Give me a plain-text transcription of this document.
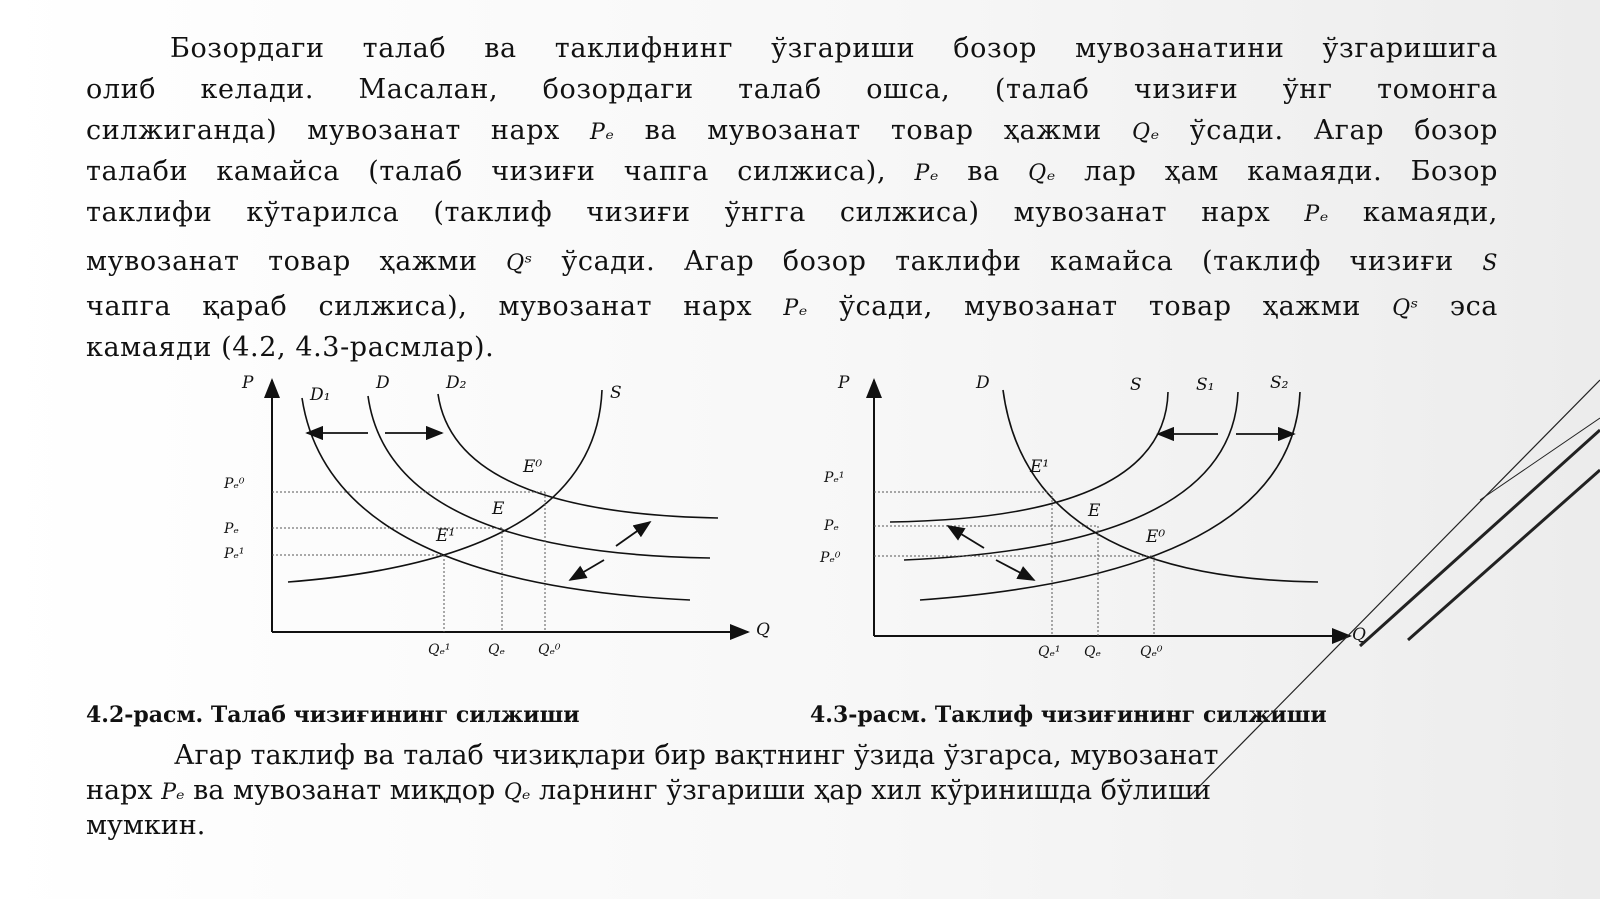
Бозордаги талаб ва таклифнинг ўзгариши бозор мувозанатини ўзгаришига
олиб келади. Масалан, бозордаги талаб ошса, (талаб чизиғи ўнг томонга
силжиганда) мувозанат нарх Pₑ ва мувозанат товар ҳажми Qₑ ўсади. Агар бозор
талаби камайса (талаб чизиғи чапга силжиса), Pₑ ва Qₑ лар ҳам камаяди. Бозор
таклифи кўтарилса (таклиф чизиғи ўнгга силжиса) мувозанат нарх Pₑ камаяди,
мувозанат товар ҳажми Qˢ ўсади. Агар бозор таклифи камайса (таклиф чизиғи S
чапга қараб силжиса), мувозанат нарх Pₑ ўсади, мувозанат товар ҳажми Qˢ эса
камаяди (4.2, 4.3-расмлар).
P
Q
D₁
D	D₂	S
E⁰
E
E¹
Pₑ⁰
Pₑ
Pₑ¹
Qₑ¹	Qₑ Qₑ⁰
P
Q
D	S	S₁	S₂
E¹
E
E⁰
Pₑ¹
Pₑ
Pₑ⁰
Qₑ¹ Qₑ	Qₑ⁰
4.2-расм. Талаб чизиғининг силжиши	4.3-расм. Таклиф чизиғининг силжиши
Агар таклиф ва талаб чизиқлари бир вақтнинг ўзида ўзгарса, мувозанат
нарх Pₑ ва мувозанат миқдор Qₑ ларнинг ўзгариши ҳар хил кўринишда бўлиши
мумкин.
